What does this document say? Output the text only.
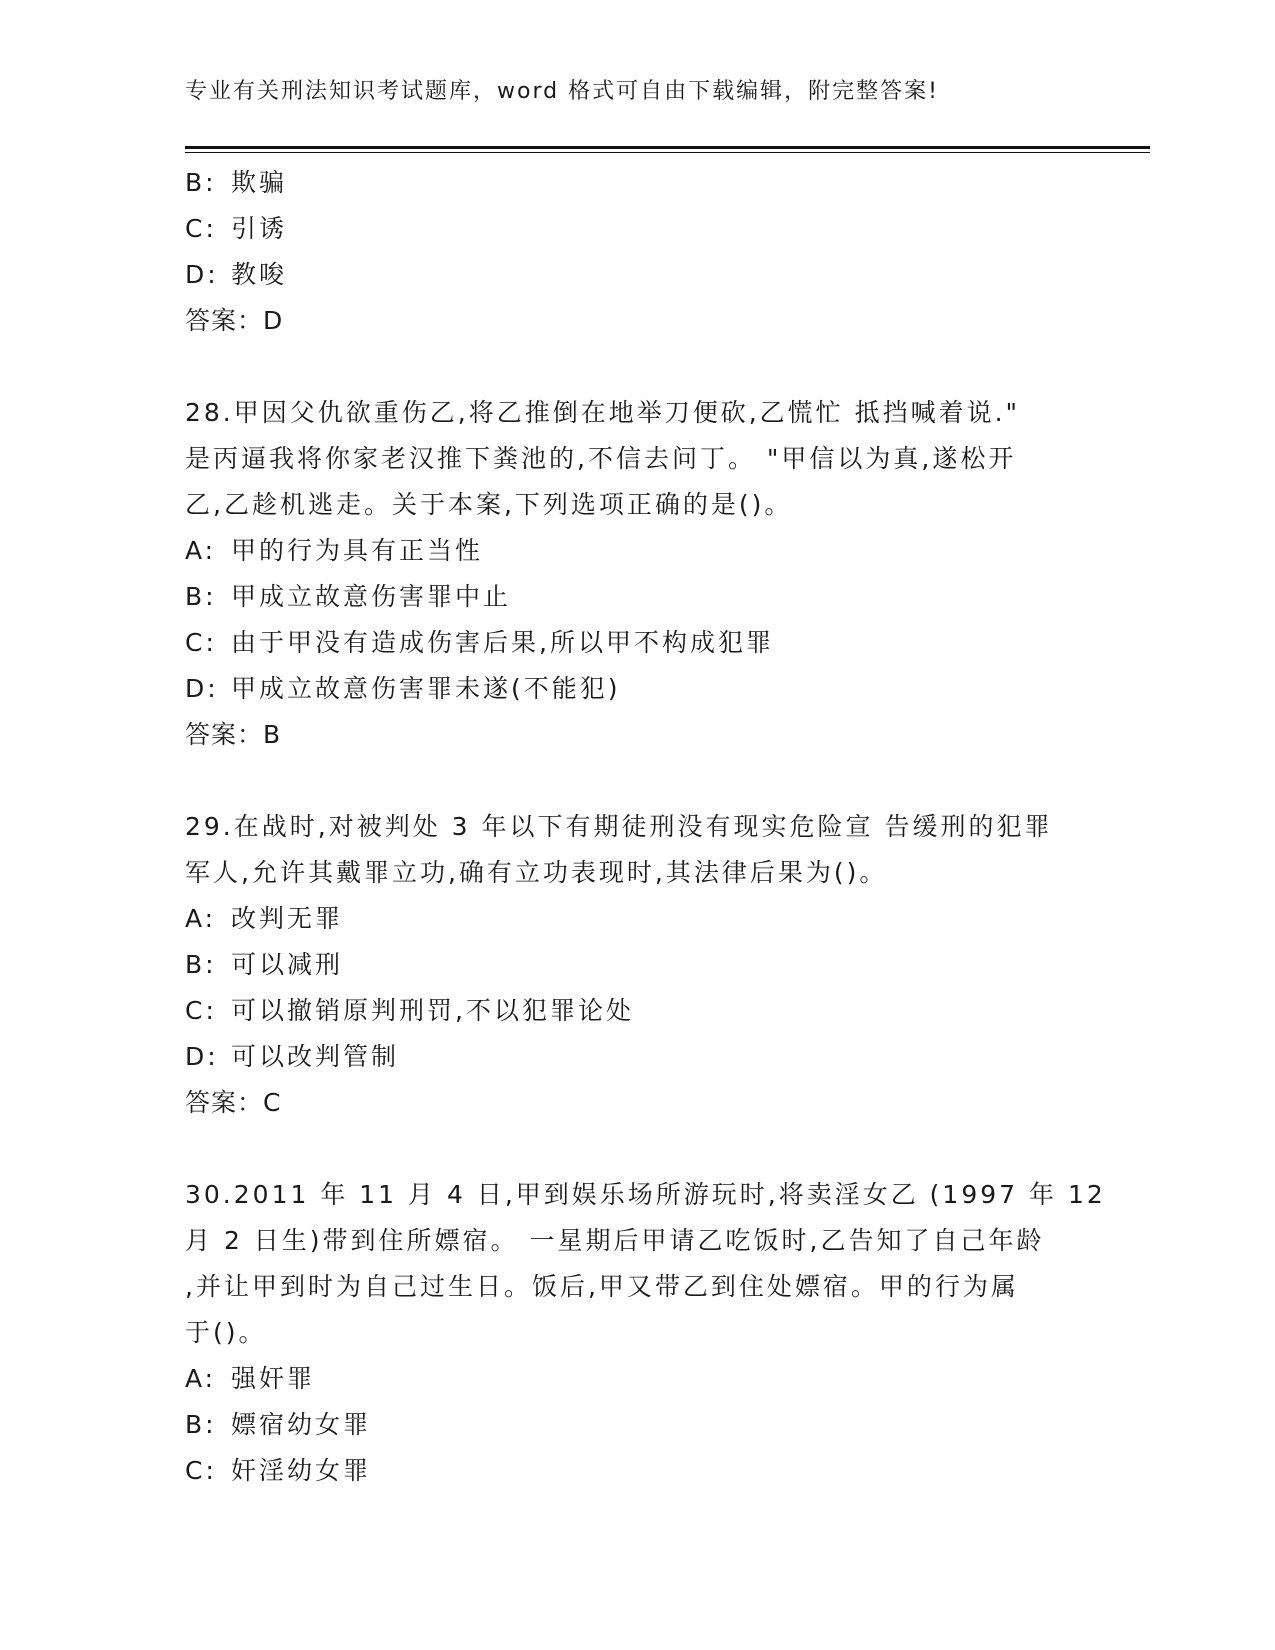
专业有关刑法知识考试题库，word 格式可自由下载编辑，附完整答案!
B: 欺骗
C: 引诱
D: 教唆
答案：D
28.甲因父仇欲重伤乙,将乙推倒在地举刀便砍,乙慌忙 抵挡喊着说."
是丙逼我将你家老汉推下粪池的,不信去问丁。 "甲信以为真,遂松开
乙,乙趁机逃走。关于本案,下列选项正确的是()。
A: 甲的行为具有正当性
B: 甲成立故意伤害罪中止
C: 由于甲没有造成伤害后果,所以甲不构成犯罪
D: 甲成立故意伤害罪未遂(不能犯)
答案：B
29.在战时,对被判处 3 年以下有期徒刑没有现实危险宣 告缓刑的犯罪
军人,允许其戴罪立功,确有立功表现时,其法律后果为()。
A: 改判无罪
B: 可以减刑
C: 可以撤销原判刑罚,不以犯罪论处
D: 可以改判管制
答案：C
30.2011 年 11 月 4 日,甲到娱乐场所游玩时,将卖淫女乙 (1997 年 12
月 2 日生)带到住所嫖宿。 一星期后甲请乙吃饭时,乙告知了自己年龄
,并让甲到时为自己过生日。饭后,甲又带乙到住处嫖宿。甲的行为属
于()。
A: 强奸罪
B: 嫖宿幼女罪
C: 奸淫幼女罪
